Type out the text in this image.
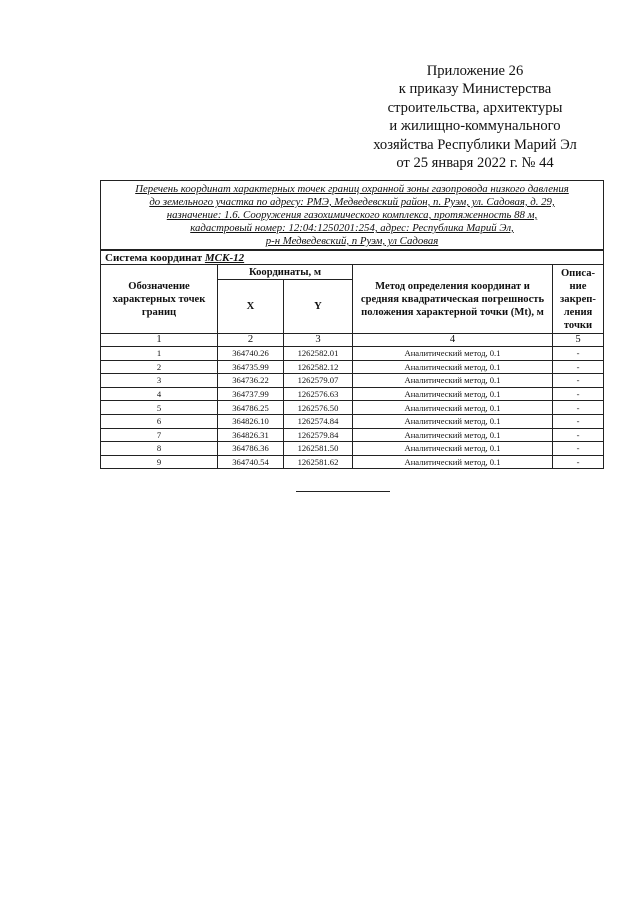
Приложение 26
к приказу Министерства
строительства, архитектуры
и жилищно-коммунального
хозяйства Республики Марий Эл
от 25 января 2022 г. № 44
Перечень координат характерных точек границ охранной зоны газопровода низкого давления
до земельного участка по адресу: РМЭ, Медведевский район, п. Руэм, ул. Садовая, д. 29,
назначение: 1.6. Сооружения газохимического комплекса, протяженность 88 м,
кадастровый номер: 12:04:1250201:254, адрес: Республика Марий Эл,
р-н Медведевский, п Руэм, ул Садовая				

Система координат МСК-12				

Обозначение характерных точек границ	Координаты, м		Метод определения координат и средняя квадратическая погрешность положения характерной точки (Mt), м	Описа-ние закреп-ления точки

	X	Y		
1	2	3	4	5
1	364740.26	1262582.01	Аналитический метод, 0.1	-
2	364735.99	1262582.12	Аналитический метод, 0.1	-
3	364736.22	1262579.07	Аналитический метод, 0.1	-
4	364737.99	1262576.63	Аналитический метод, 0.1	-
5	364786.25	1262576.50	Аналитический метод, 0.1	-
6	364826.10	1262574.84	Аналитический метод, 0.1	-
7	364826.31	1262579.84	Аналитический метод, 0.1	-
8	364786.36	1262581.50	Аналитический метод, 0.1	-
9	364740.54	1262581.62	Аналитический метод, 0.1	-
